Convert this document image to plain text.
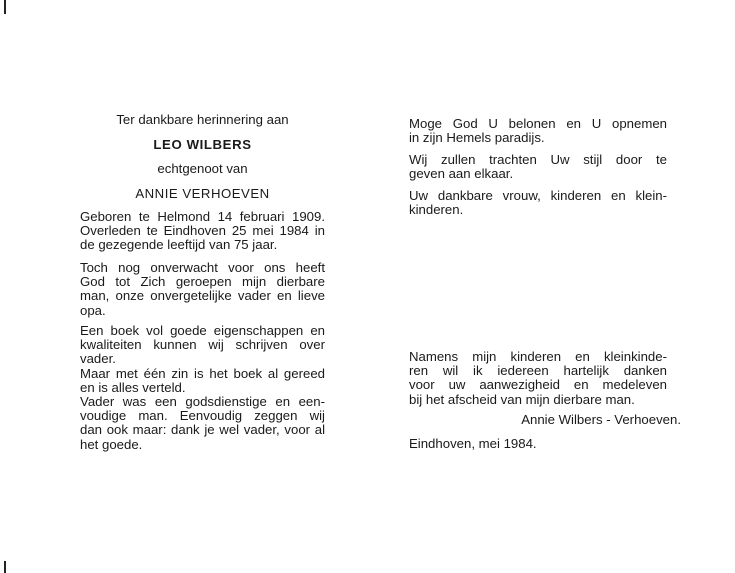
Ter dankbare herinnering aan
LEO WILBERS
echtgenoot van
ANNIE VERHOEVEN
Geboren te Helmond 14 februari 1909.
Overleden te Eindhoven 25 mei 1984 in
de gezegende leeftijd van 75 jaar.
Toch nog onverwacht voor ons heeft
God tot Zich geroepen mijn dierbare
man, onze onvergetelijke vader en lieve
opa.
Een boek vol goede eigenschappen en
kwaliteiten kunnen wij schrijven over
vader.
Maar met één zin is het boek al gereed
en is alles verteld.
Vader was een godsdienstige en een-
voudige man. Eenvoudig zeggen wij
dan ook maar: dank je wel vader, voor al
het goede.
Moge God U belonen en U opnemen
in zijn Hemels paradijs.
Wij zullen trachten Uw stijl door te
geven aan elkaar.
Uw dankbare vrouw, kinderen en klein-
kinderen.
Namens mijn kinderen en kleinkinde-
ren wil ik iedereen hartelijk danken
voor uw aanwezigheid en medeleven
bij het afscheid van mijn dierbare man.
Annie Wilbers - Verhoeven.
Eindhoven, mei 1984.
